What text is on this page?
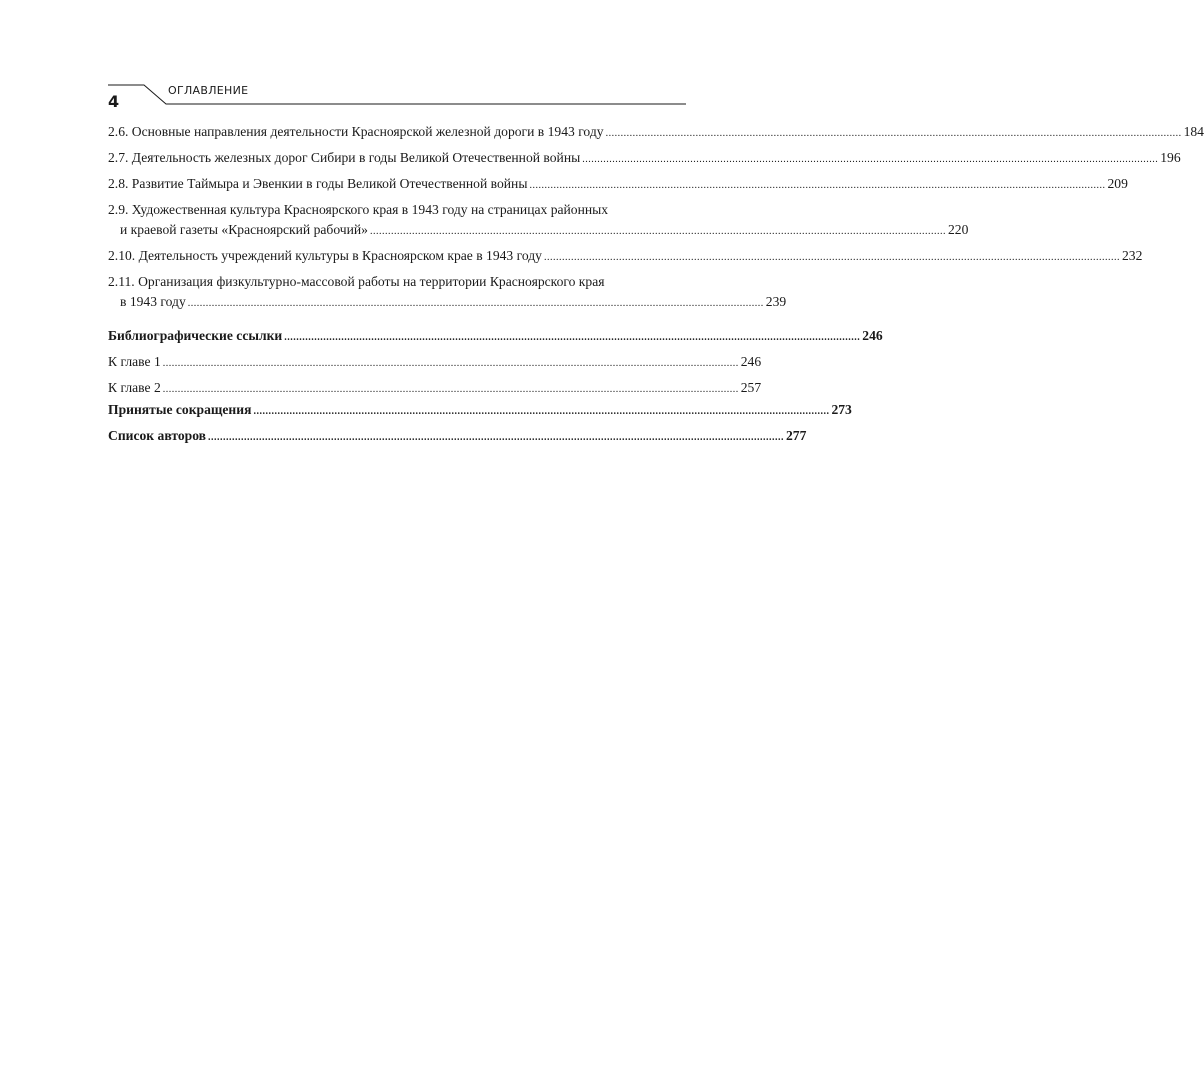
4
ОГЛАВЛЕНИЕ
2.6. Основные направления деятельности Красноярской железной дороги в 1943 году ................................................................................................................................................................................................ 184
2.7. Деятельность железных дорог Сибири в годы Великой Отечественной войны ................................................................................................................................................................................................ 196
2.8. Развитие Таймыра и Эвенкии в годы Великой Отечественной войны ................................................................................................................................................................................................ 209
2.9. Художественная культура Красноярского края в 1943 году на страницах районных
и краевой газеты «Красноярский рабочий» ................................................................................................................................................................................................ 220
2.10. Деятельность учреждений культуры в Красноярском крае в 1943 году ................................................................................................................................................................................................ 232
2.11. Организация физкультурно-массовой работы на территории Красноярского края
в 1943 году ................................................................................................................................................................................................ 239
Библиографические ссылки ................................................................................................................................................................................................ 246
К главе 1 ................................................................................................................................................................................................ 246
К главе 2 ................................................................................................................................................................................................ 257
Принятые сокращения ................................................................................................................................................................................................ 273
Список авторов ................................................................................................................................................................................................ 277
